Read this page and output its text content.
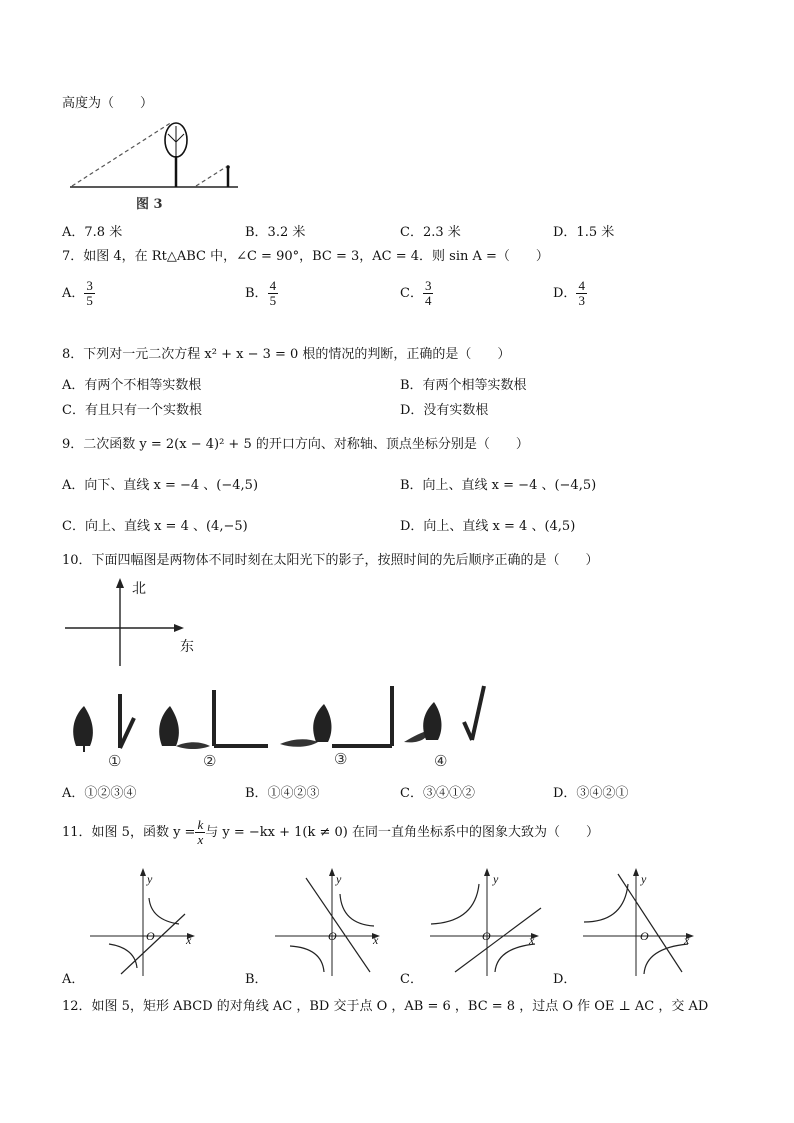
高度为（　　）
图 3
A．7.8 米	B．3.2 米	C．2.3 米	D．1.5 米
7．如图 4，在 Rt△ABC 中，∠C = 90°，BC = 3，AC = 4．则 sin A =（　　）
A． $\frac{3}{5}$	B． $\frac{4}{5}$	C． $\frac{3}{4}$	D． $\frac{4}{3}$
8．下列对一元二次方程 x² + x − 3 = 0 根的情况的判断，正确的是（　　）
A．有两个不相等实数根	B．有两个相等实数根
C．有且只有一个实数根	D．没有实数根
9．二次函数 y = 2(x − 4)² + 5 的开口方向、对称轴、顶点坐标分别是（　　）
A．向下、直线 x = −4 、(−4,5)	B．向上、直线 x = −4 、(−4,5)
C．向上、直线 x = 4 、(4,−5)	D．向上、直线 x = 4 、(4,5)
10．下面四幅图是两物体不同时刻在太阳光下的影子，按照时间的先后顺序正确的是（　　）
北
东
①	②	③	④
A．①②③④	B．①④②③	C．③④①②	D．③④②①
11．如图 5，函数 $y = \frac{k}{x}$ 与 y = −kx + 1(k ≠ 0) 在同一直角坐标系中的图象大致为（　　）
y
x
O
y
x
O
y
x
O
y
x
O
A．	B．	C．	D．
12．如图 5，矩形 ABCD 的对角线 AC ，BD 交于点 O ，AB = 6 ，BC = 8 ，过点 O 作 OE ⊥ AC ，交 AD
